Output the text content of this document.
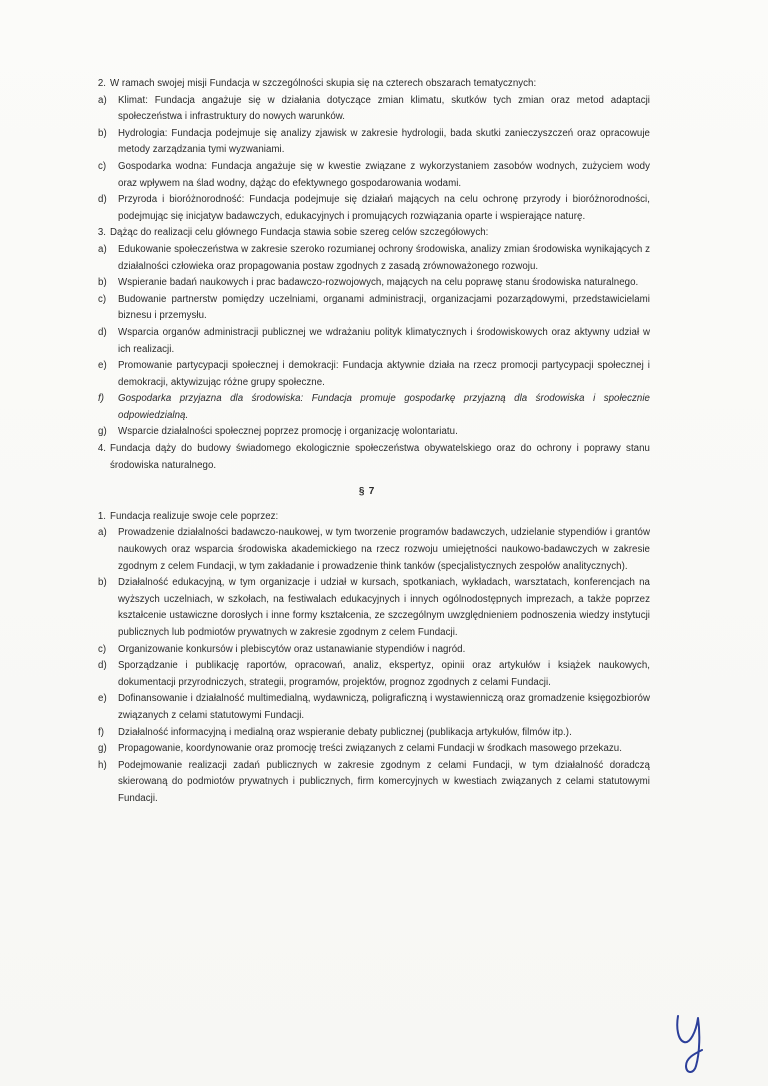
2. W ramach swojej misji Fundacja w szczególności skupia się na czterech obszarach tematycznych:
a) Klimat: Fundacja angażuje się w działania dotyczące zmian klimatu, skutków tych zmian oraz metod adaptacji społeczeństwa i infrastruktury do nowych warunków.
b) Hydrologia: Fundacja podejmuje się analizy zjawisk w zakresie hydrologii, bada skutki zanieczyszczeń oraz opracowuje metody zarządzania tymi wyzwaniami.
c) Gospodarka wodna: Fundacja angażuje się w kwestie związane z wykorzystaniem zasobów wodnych, zużyciem wody oraz wpływem na ślad wodny, dążąc do efektywnego gospodarowania wodami.
d) Przyroda i bioróżnorodność: Fundacja podejmuje się działań mających na celu ochronę przyrody i bioróżnorodności, podejmując się inicjatyw badawczych, edukacyjnych i promujących rozwiązania oparte i wspierające naturę.
3. Dążąc do realizacji celu głównego Fundacja stawia sobie szereg celów szczegółowych:
a) Edukowanie społeczeństwa w zakresie szeroko rozumianej ochrony środowiska, analizy zmian środowiska wynikających z działalności człowieka oraz propagowania postaw zgodnych z zasadą zrównoważonego rozwoju.
b) Wspieranie badań naukowych i prac badawczo-rozwojowych, mających na celu poprawę stanu środowiska naturalnego.
c) Budowanie partnerstw pomiędzy uczelniami, organami administracji, organizacjami pozarządowymi, przedstawicielami biznesu i przemysłu.
d) Wsparcia organów administracji publicznej we wdrażaniu polityk klimatycznych i środowiskowych oraz aktywny udział w ich realizacji.
e) Promowanie partycypacji społecznej i demokracji: Fundacja aktywnie działa na rzecz promocji partycypacji społecznej i demokracji, aktywizując różne grupy społeczne.
f) Gospodarka przyjazna dla środowiska: Fundacja promuje gospodarkę przyjazną dla środowiska i społecznie odpowiedzialną.
g) Wsparcie działalności społecznej poprzez promocję i organizację wolontariatu.
4. Fundacja dąży do budowy świadomego ekologicznie społeczeństwa obywatelskiego oraz do ochrony i poprawy stanu środowiska naturalnego.
§ 7
1. Fundacja realizuje swoje cele poprzez:
a) Prowadzenie działalności badawczo-naukowej, w tym tworzenie programów badawczych, udzielanie stypendiów i grantów naukowych oraz wsparcia środowiska akademickiego na rzecz rozwoju umiejętności naukowo-badawczych w zakresie zgodnym z celem Fundacji, w tym zakładanie i prowadzenie think tanków (specjalistycznych zespołów analitycznych).
b) Działalność edukacyjną, w tym organizacje i udział w kursach, spotkaniach, wykładach, warsztatach, konferencjach na wyższych uczelniach, w szkołach, na festiwalach edukacyjnych i innych ogólnodostępnych imprezach, a także poprzez kształcenie ustawiczne dorosłych i inne formy kształcenia, ze szczególnym uwzględnieniem podnoszenia wiedzy instytucji publicznych lub podmiotów prywatnych w zakresie zgodnym z celem Fundacji.
c) Organizowanie konkursów i plebiscytów oraz ustanawianie stypendiów i nagród.
d) Sporządzanie i publikację raportów, opracowań, analiz, ekspertyz, opinii oraz artykułów i książek naukowych, dokumentacji przyrodniczych, strategii, programów, projektów, prognoz zgodnych z celami Fundacji.
e) Dofinansowanie i działalność multimedialną, wydawniczą, poligraficzną i wystawienniczą oraz gromadzenie księgozbiorów związanych z celami statutowymi Fundacji.
f) Działalność informacyjną i medialną oraz wspieranie debaty publicznej (publikacja artykułów, filmów itp.).
g) Propagowanie, koordynowanie oraz promocję treści związanych z celami Fundacji w środkach masowego przekazu.
h) Podejmowanie realizacji zadań publicznych w zakresie zgodnym z celami Fundacji, w tym działalność doradczą skierowaną do podmiotów prywatnych i publicznych, firm komercyjnych w kwestiach związanych z celami statutowymi Fundacji.
